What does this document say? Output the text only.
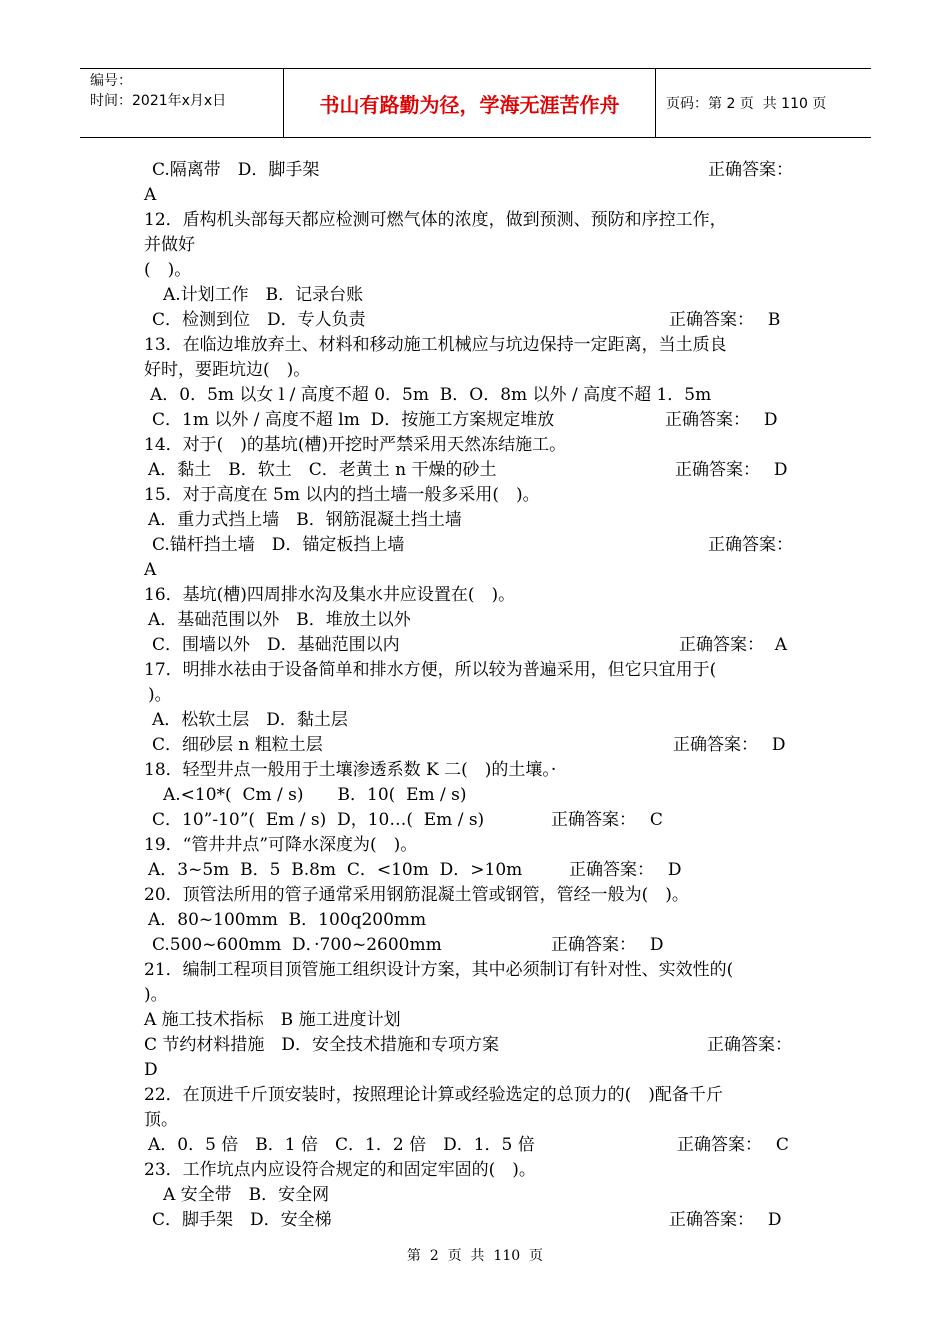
编号：
时间：2021年x月x日	书山有路勤为径，学海无涯苦作舟	页码：第 2 页  共 110 页
C.隔离带　D．脚手架
A
12．盾构机头部每天都应检测可燃气体的浓度，做到预测、预防和序控工作，
并做好
(　)。
A.计划工作　B．记录台账
C．检测到位　D．专人负责
13．在临边堆放弃土、材料和移动施工机械应与坑边保持一定距离，当土质良
好时，要距坑边(　)。
A．0．5m 以女 l / 高度不超 0．5m  B．O．8m 以外 / 高度不超 1．5m
C．1m 以外 / 高度不超 lm  D．按施工方案规定堆放
14．对于(　)的基坑(槽)开挖时严禁采用天然冻结施工。
A．黏土　B．软土　C．老黄土 n 干燥的砂土
15．对于高度在 5m 以内的挡土墙一般多采用(　)。
A．重力式挡上墙　B．钢筋混凝土挡土墙
C.锚杆挡土墙　D．锚定板挡上墙
A
16．基坑(槽)四周排水沟及集水井应设置在(　)。
A．基础范围以外　B．堆放土以外
C．围墙以外　D．基础范围以内
17．明排水祛由于设备简单和排水方便，所以较为普遍采用，但它只宜用于(
)。
A．松软土层　D．黏土层
C．细砂层 n 粗粒土层
18．轻型井点一般用于土壤渗透系数 K 二(　)的土壤。·
A.<10*(  Cm / s)　　B．10(  Em / s)
C．10”-10”(  Em / s)  D，10…(  Em / s)
19．“管井井点”可降水深度为(　)。
A．3~5m  B．5  B.8m  C．<10m  D．>10m
20．顶管法所用的管子通常采用钢筋混凝土管或钢管，管经一般为(　)。
A．80~100mm  B．100q200mm
C.500~600mm  D．·700~2600mm
21．编制工程项目顶管施工组织设计方案，其中必须制订有针对性、实效性的(
)。
A 施工技术指标　B 施工进度计划
C 节约材料措施　D．安全技术措施和专项方案
D
22．在顶进千斤顶安装时，按照理论计算或经验选定的总顶力的(　)配备千斤
顶。
A．0．5 倍　B．1 倍　C．1．2 倍　D．1．5 倍
23．工作坑点内应设符合规定的和固定牢固的(　)。
A 安全带　B．安全网
C．脚手架　D．安全梯
正确答案：
正确答案：　 B
正确答案：　 D
正确答案：　 D
正确答案：
正确答案：  A
正确答案：　 D
正确答案：　 C
正确答案：　 D
正确答案：　 D
正确答案：
正确答案：　 C
正确答案：　 D
第  2  页  共  110  页
